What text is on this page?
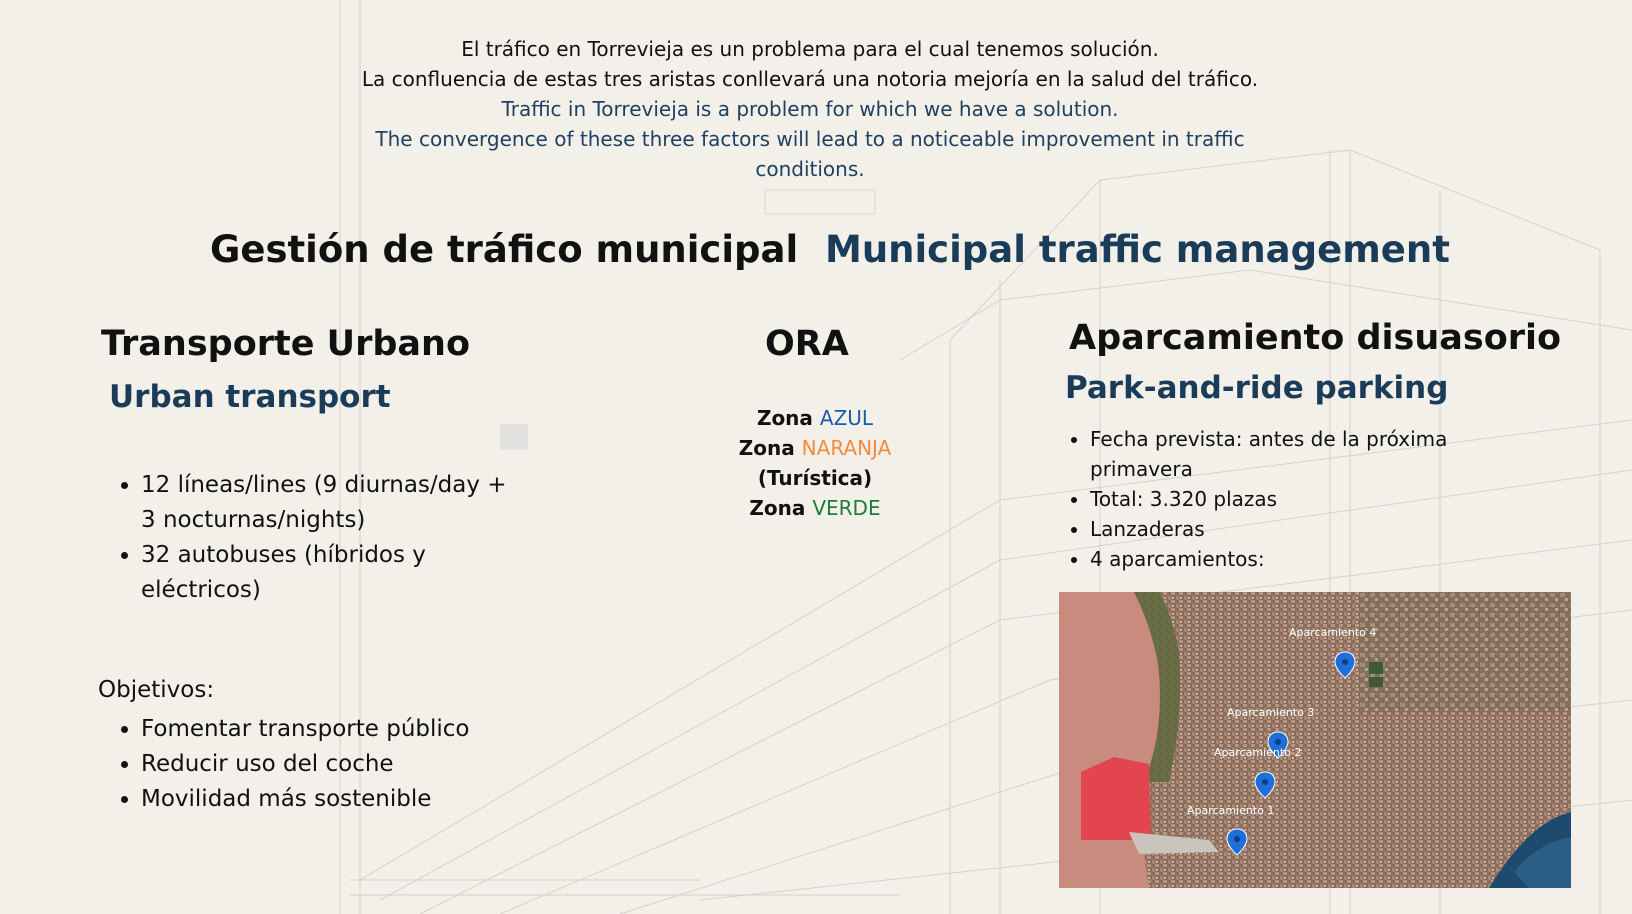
El tráfico en Torrevieja es un problema para el cual tenemos solución.
La confluencia de estas tres aristas conllevará una notoria mejoría en la salud del tráfico.
Traffic in Torrevieja is a problem for which we have a solution.
The convergence of these three factors will lead to a noticeable improvement in traffic conditions.
Gestión de tráfico municipal Municipal traffic management
Transporte Urbano
Urban transport
• 12 líneas/lines (9 diurnas/day + 3 nocturnas/nights)
• 32 autobuses (híbridos y eléctricos)
Objetivos:
• Fomentar transporte público
• Reducir uso del coche
• Movilidad más sostenible
ORA
Zona AZUL
Zona NARANJA
(Turística)
Zona VERDE
Aparcamiento disuasorio
Park-and-ride parking
• Fecha prevista: antes de la próxima primavera
• Total: 3.320 plazas
• Lanzaderas
• 4 aparcamientos:
Aparcamiento 4
Aparcamiento 3
Aparcamiento 2
Aparcamiento 1
